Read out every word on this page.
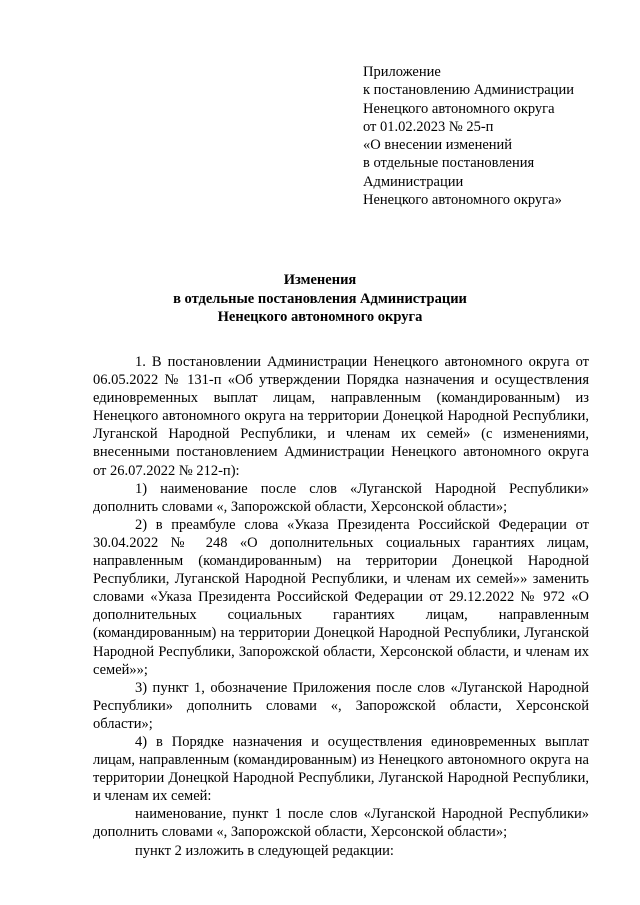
Приложение
к постановлению Администрации
Ненецкого автономного округа
от 01.02.2023 № 25-п
«О внесении изменений
в отдельные постановления
Администрации
Ненецкого автономного округа»
Изменения
в отдельные постановления Администрации
Ненецкого автономного округа

1. В постановлении Администрации Ненецкого автономного округа от 06.05.2022 № 131-п «Об утверждении Порядка назначения и осуществления единовременных выплат лицам, направленным (командированным) из Ненецкого автономного округа на территории Донецкой Народной Республики, Луганской Народной Республики, и членам их семей» (с изменениями, внесенными постановлением Администрации Ненецкого автономного округа от 26.07.2022 № 212-п):

1) наименование после слов «Луганской Народной Республики» дополнить словами «, Запорожской области, Херсонской области»;

2) в преамбуле слова «Указа Президента Российской Федерации от 30.04.2022 № 248 «О дополнительных социальных гарантиях лицам, направленным (командированным) на территории Донецкой Народной Республики, Луганской Народной Республики, и членам их семей»» заменить словами «Указа Президента Российской Федерации от 29.12.2022 № 972 «О дополнительных социальных гарантиях лицам, направленным (командированным) на территории Донецкой Народной Республики, Луганской Народной Республики, Запорожской области, Херсонской области, и членам их семей»»;

3) пункт 1, обозначение Приложения после слов «Луганской Народной Республики» дополнить словами «, Запорожской области, Херсонской области»;

4) в Порядке назначения и осуществления единовременных выплат лицам, направленным (командированным) из Ненецкого автономного округа на территории Донецкой Народной Республики, Луганской Народной Республики, и членам их семей:

наименование, пункт 1 после слов «Луганской Народной Республики» дополнить словами «, Запорожской области, Херсонской области»;

пункт 2 изложить в следующей редакции:
